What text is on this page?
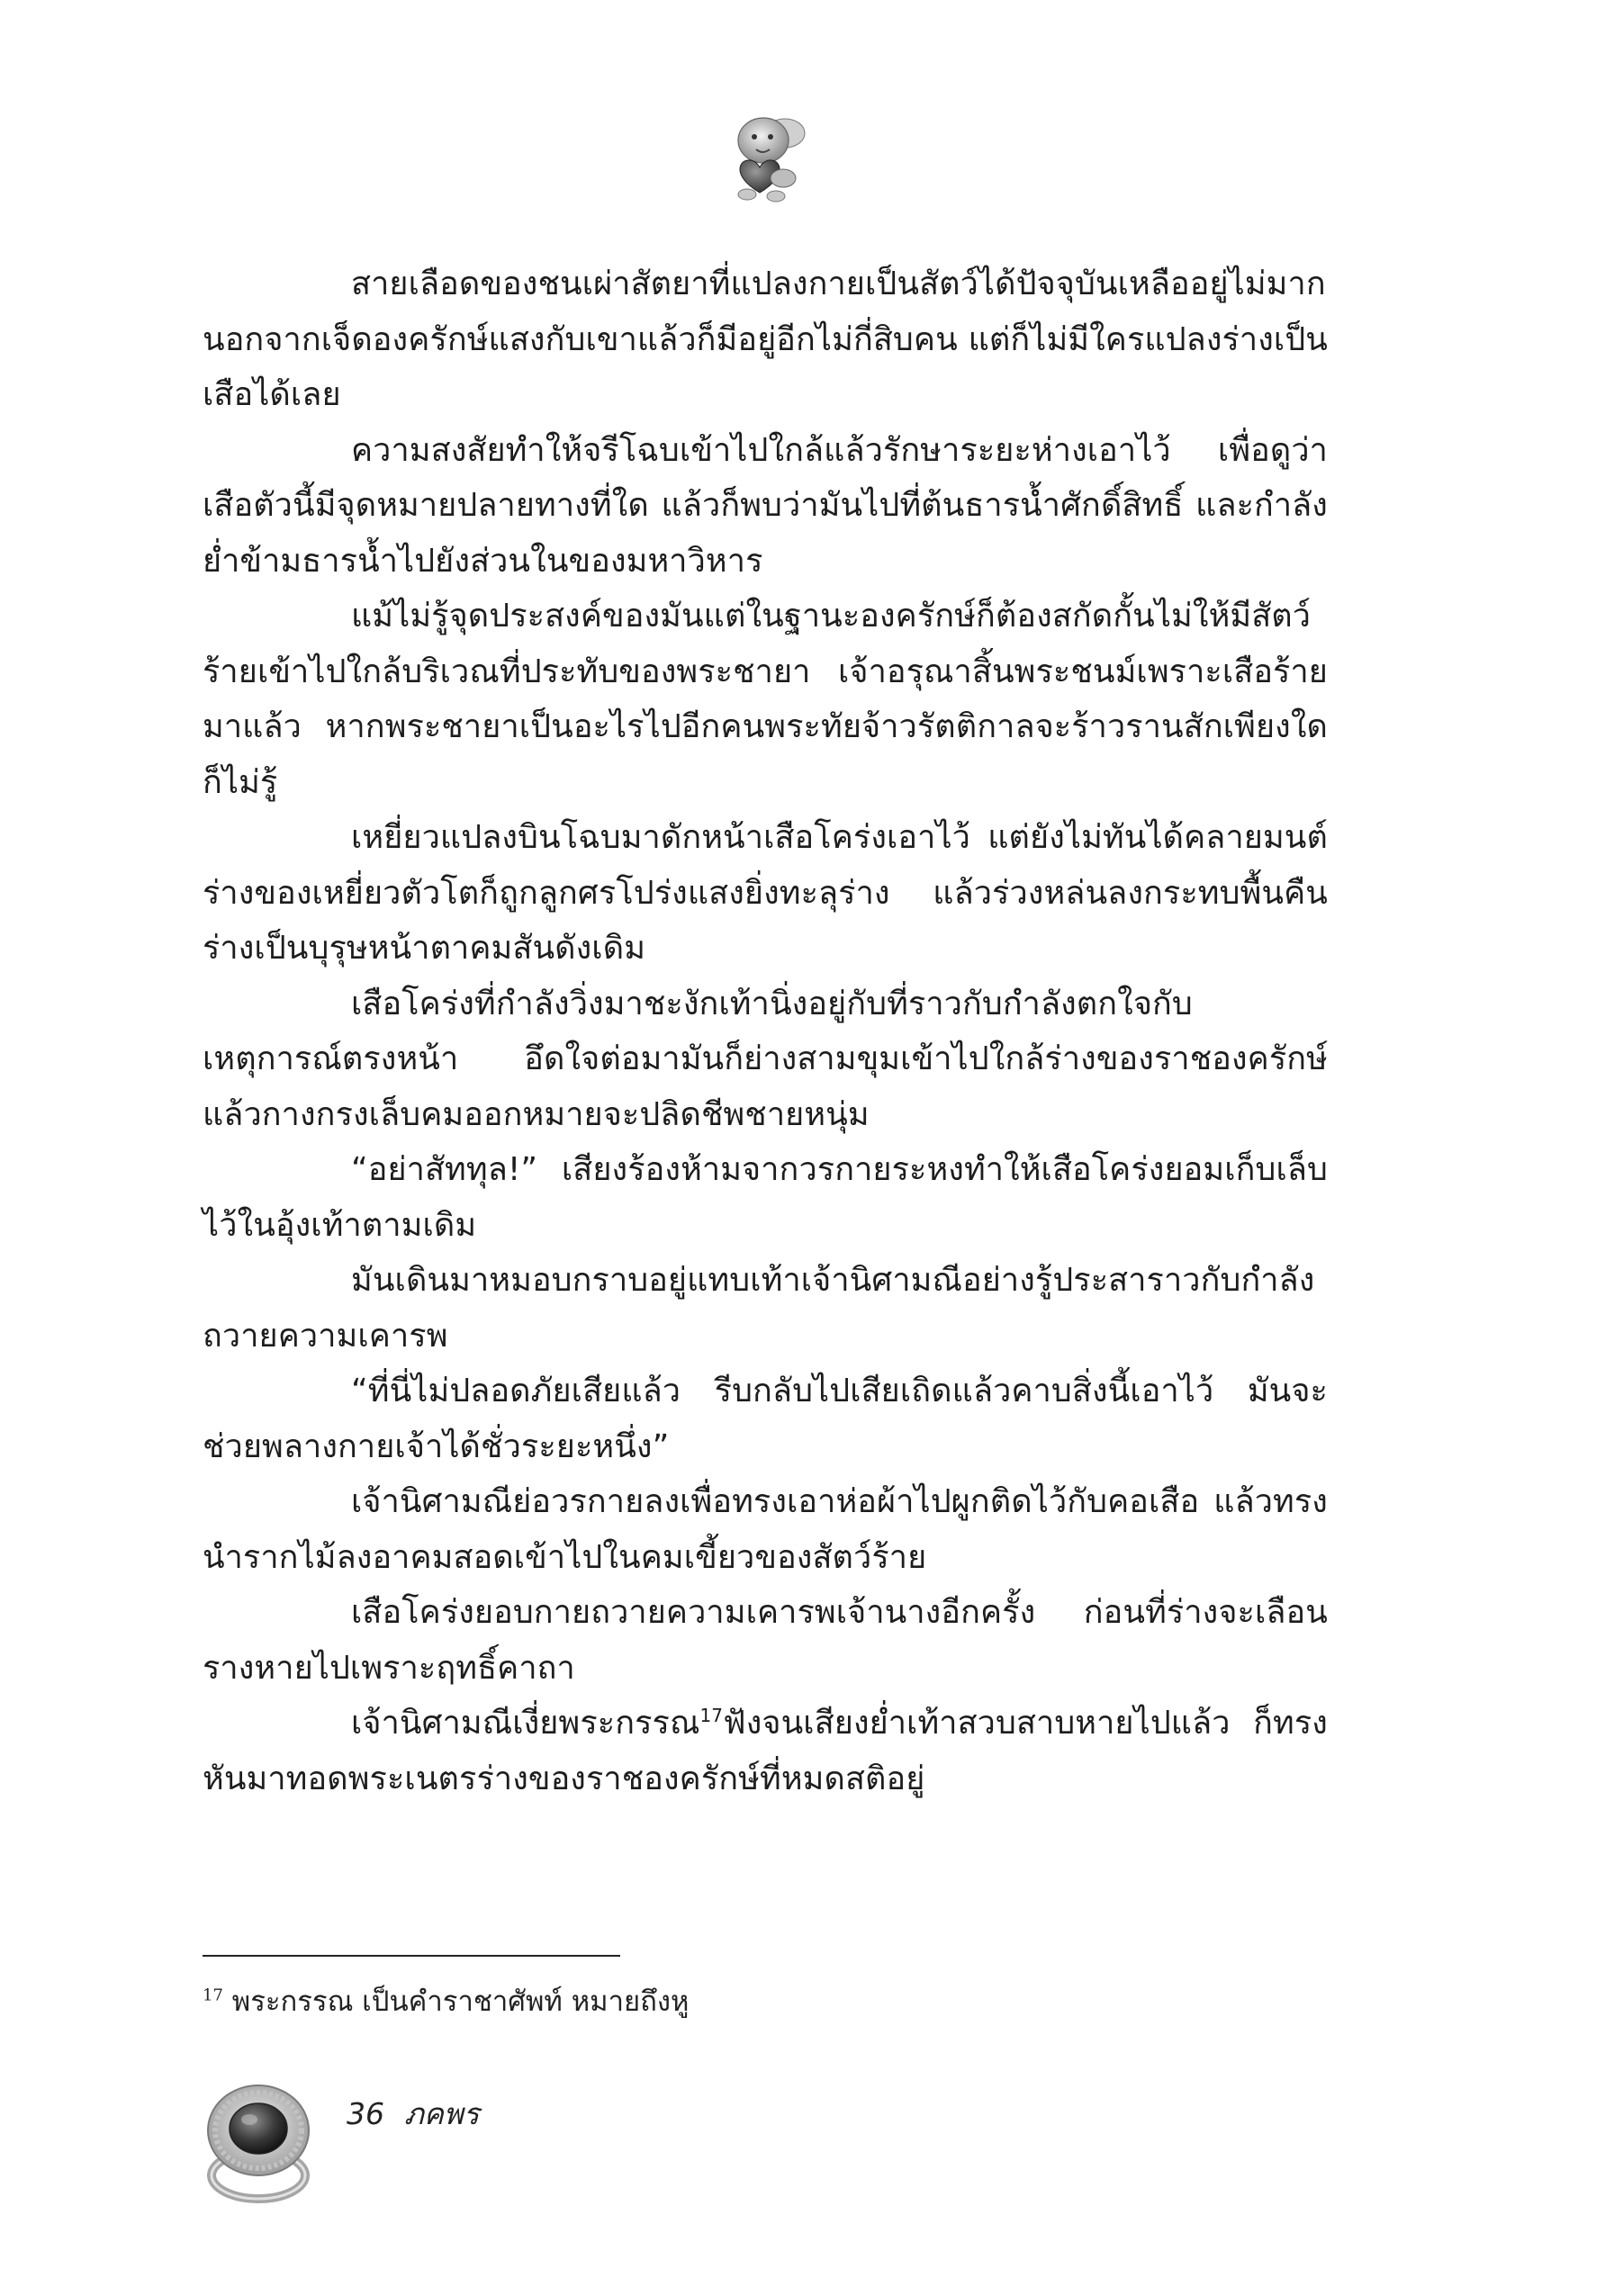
สายเลือดของชนเผ่าสัตยาที่แปลงกายเป็นสัตว์ได้ปัจจุบันเหลืออยู่ไม่มาก นอกจากเจ็ดองครักษ์แสงกับเขาแล้วก็มีอยู่อีกไม่กี่สิบคน แต่ก็ไม่มีใครแปลงร่างเป็นเสือได้เลย

ความสงสัยทำให้จรีโฉบเข้าไปใกล้แล้วรักษาระยะห่างเอาไว้ เพื่อดูว่าเสือตัวนี้มีจุดหมายปลายทางที่ใด แล้วก็พบว่ามันไปที่ต้นธารน้ำศักดิ์สิทธิ์ และกำลังย่ำข้ามธารน้ำไปยังส่วนในของมหาวิหาร

แม้ไม่รู้จุดประสงค์ของมันแต่ในฐานะองครักษ์ก็ต้องสกัดกั้นไม่ให้มีสัตว์ร้ายเข้าไปใกล้บริเวณที่ประทับของพระชายา เจ้าอรุณาสิ้นพระชนม์เพราะเสือร้ายมาแล้ว หากพระชายาเป็นอะไรไปอีกคนพระทัยจ้าวรัตติกาลจะร้าวรานสักเพียงใดก็ไม่รู้

เหยี่ยวแปลงบินโฉบมาดักหน้าเสือโคร่งเอาไว้ แต่ยังไม่ทันได้คลายมนต์ร่างของเหยี่ยวตัวโตก็ถูกลูกศรโปร่งแสงยิ่งทะลุร่าง แล้วร่วงหล่นลงกระทบพื้นคืนร่างเป็นบุรุษหน้าตาคมสันดังเดิม

เสือโคร่งที่กำลังวิ่งมาชะงักเท้านิ่งอยู่กับที่ราวกับกำลังตกใจกับเหตุการณ์ตรงหน้า อึดใจต่อมามันก็ย่างสามขุมเข้าไปใกล้ร่างของราชองครักษ์ แล้วกางกรงเล็บคมออกหมายจะปลิดชีพชายหนุ่ม

“อย่าสัททุล!” เสียงร้องห้ามจากวรกายระหงทำให้เสือโคร่งยอมเก็บเล็บไว้ในอุ้งเท้าตามเดิม

มันเดินมาหมอบกราบอยู่แทบเท้าเจ้านิศามณีอย่างรู้ประสาราวกับกำลังถวายความเคารพ

“ที่นี่ไม่ปลอดภัยเสียแล้ว รีบกลับไปเสียเถิดแล้วคาบสิ่งนี้เอาไว้ มันจะช่วยพลางกายเจ้าได้ชั่วระยะหนึ่ง”

เจ้านิศามณีย่อวรกายลงเพื่อทรงเอาห่อผ้าไปผูกติดไว้กับคอเสือ แล้วทรงนำรากไม้ลงอาคมสอดเข้าไปในคมเขี้ยวของสัตว์ร้าย

เสือโคร่งยอบกายถวายความเคารพเจ้านางอีกครั้ง ก่อนที่ร่างจะเลือนรางหายไปเพราะฤทธิ์คาถา

เจ้านิศามณีเงี่ยพระกรรณ$^{17}$ฟังจนเสียงย่ำเท้าสวบสาบหายไปแล้ว ก็ทรงหันมาทอดพระเนตรร่างของราชองครักษ์ที่หมดสติอยู่

$^{17}$ พระกรรณ เป็นคำราชาศัพท์ หมายถึงหู
36 ภคพร
